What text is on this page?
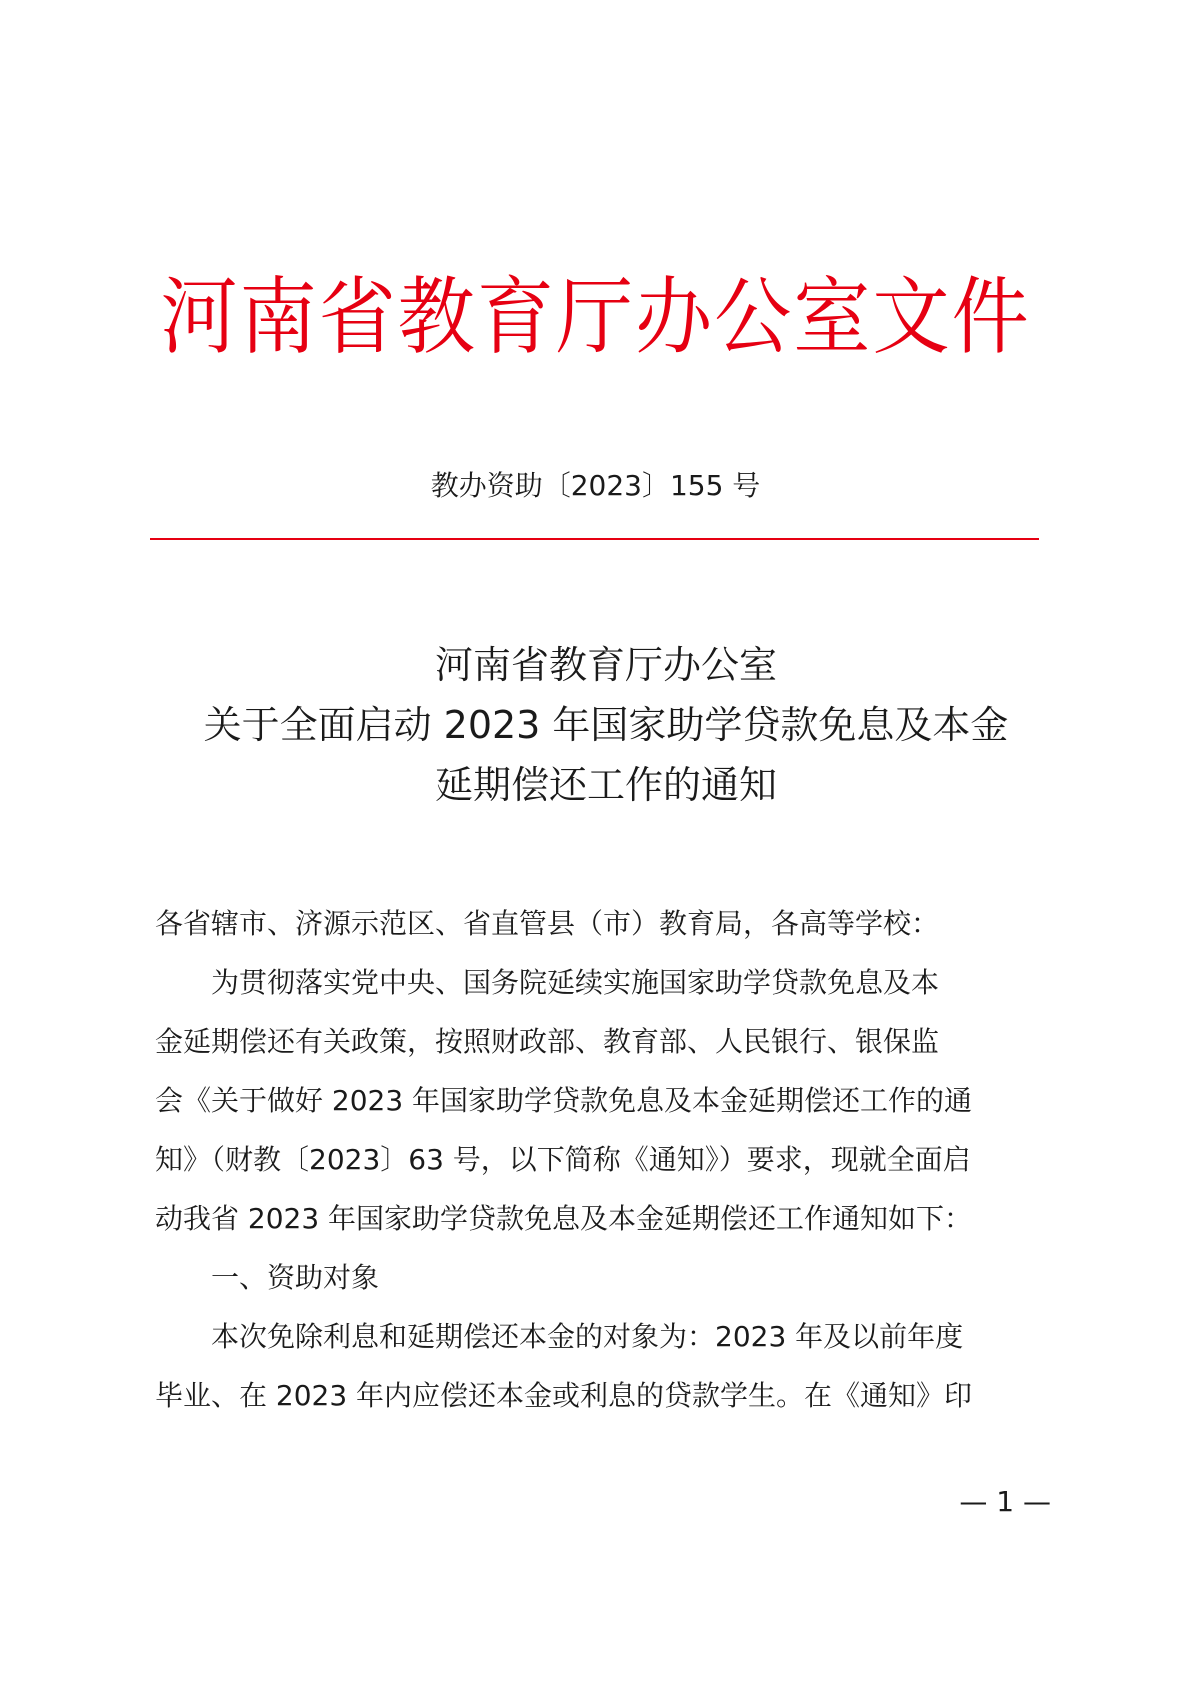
河南省教育厅办公室文件
教办资助〔2023〕155 号
河南省教育厅办公室
关于全面启动 2023 年国家助学贷款免息及本金
延期偿还工作的通知

各省辖市、济源示范区、省直管县（市）教育局，各高等学校：

为贯彻落实党中央、国务院延续实施国家助学贷款免息及本

金延期偿还有关政策，按照财政部、教育部、人民银行、银保监

会《关于做好 2023 年国家助学贷款免息及本金延期偿还工作的通

知》（财教〔2023〕63 号，以下简称《通知》）要求，现就全面启

动我省 2023 年国家助学贷款免息及本金延期偿还工作通知如下：

一、资助对象

本次免除利息和延期偿还本金的对象为：2023 年及以前年度

毕业、在 2023 年内应偿还本金或利息的贷款学生。在《通知》印

— 1 —
